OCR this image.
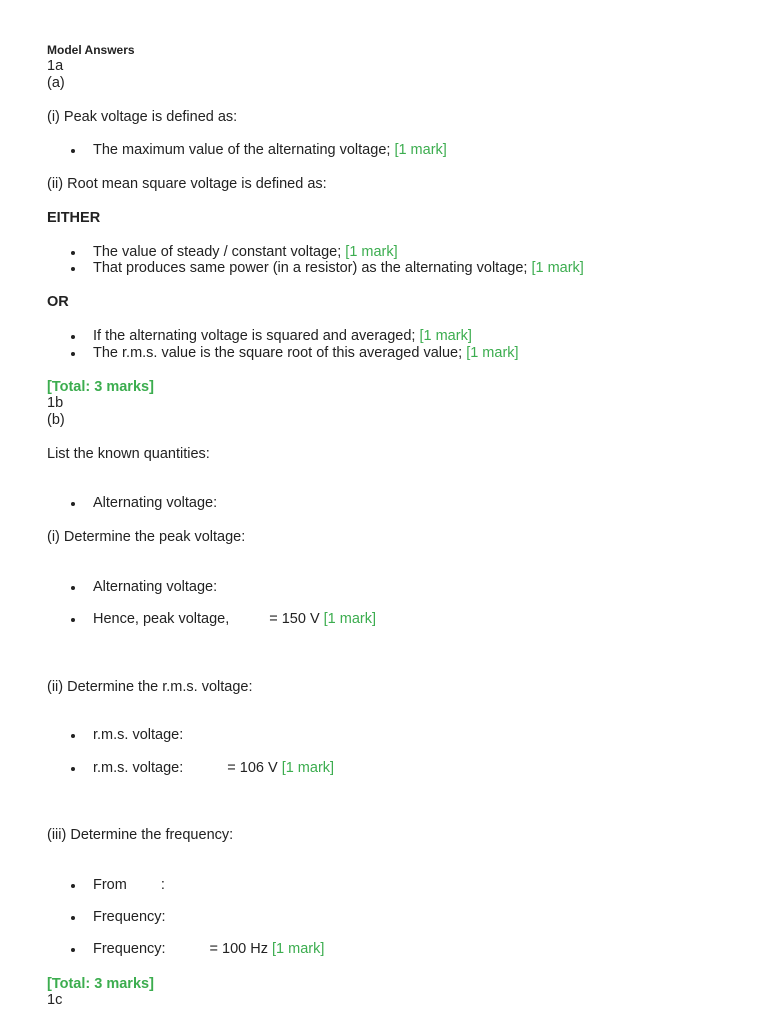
Model Answers
1a
(a)
(i) Peak voltage is defined as:
The maximum value of the alternating voltage; [1 mark]
(ii) Root mean square voltage is defined as:
EITHER
The value of steady / constant voltage; [1 mark]
That produces same power (in a resistor) as the alternating voltage; [1 mark]
OR
If the alternating voltage is squared and averaged; [1 mark]
The r.m.s. value is the square root of this averaged value; [1 mark]
[Total: 3 marks]
1b
(b)
List the known quantities:
Alternating voltage:
(i) Determine the peak voltage:
Alternating voltage:
Hence, peak voltage,	= 150 V [1 mark]
(ii) Determine the r.m.s. voltage:
r.m.s. voltage:
r.m.s. voltage:	= 106 V [1 mark]
(iii) Determine the frequency:
From :
Frequency:
Frequency:	= 100 Hz [1 mark]
[Total: 3 marks]
1c
